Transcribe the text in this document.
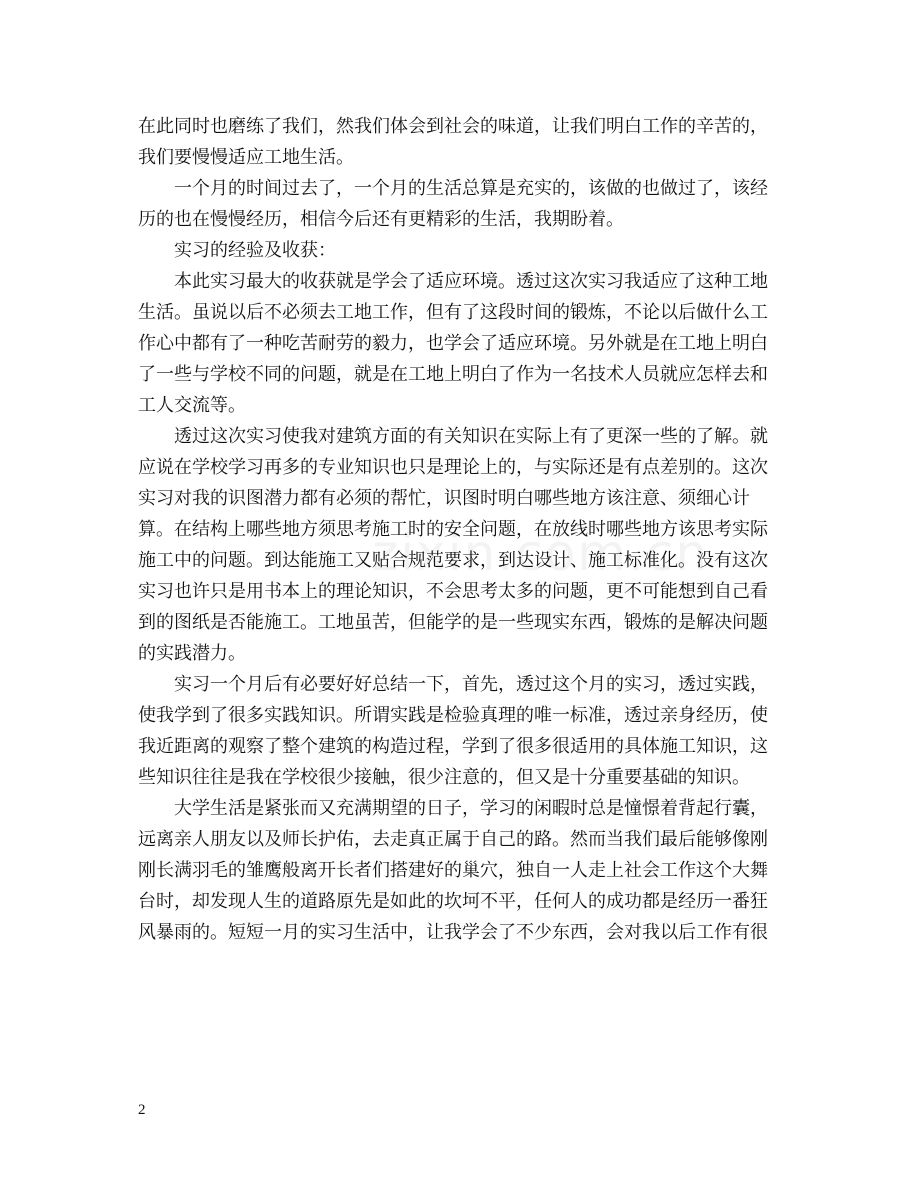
在此同时也磨练了我们，然我们体会到社会的味道，让我们明白工作的辛苦的，
我们要慢慢适应工地生活。
一个月的时间过去了，一个月的生活总算是充实的，该做的也做过了，该经
历的也在慢慢经历，相信今后还有更精彩的生活，我期盼着。
实习的经验及收获：
本此实习最大的收获就是学会了适应环境。透过这次实习我适应了这种工地
生活。虽说以后不必须去工地工作，但有了这段时间的锻炼，不论以后做什么工
作心中都有了一种吃苦耐劳的毅力，也学会了适应环境。另外就是在工地上明白
了一些与学校不同的问题，就是在工地上明白了作为一名技术人员就应怎样去和
工人交流等。
透过这次实习使我对建筑方面的有关知识在实际上有了更深一些的了解。就
应说在学校学习再多的专业知识也只是理论上的，与实际还是有点差别的。这次
实习对我的识图潜力都有必须的帮忙，识图时明白哪些地方该注意、须细心计
算。在结构上哪些地方须思考施工时的安全问题，在放线时哪些地方该思考实际
施工中的问题。到达能施工又贴合规范要求，到达设计、施工标准化。没有这次
实习也许只是用书本上的理论知识，不会思考太多的问题，更不可能想到自己看
到的图纸是否能施工。工地虽苦，但能学的是一些现实东西，锻炼的是解决问题
的实践潜力。
实习一个月后有必要好好总结一下，首先，透过这个月的实习，透过实践，
使我学到了很多实践知识。所谓实践是检验真理的唯一标准，透过亲身经历，使
我近距离的观察了整个建筑的构造过程，学到了很多很适用的具体施工知识，这
些知识往往是我在学校很少接触，很少注意的，但又是十分重要基础的知识。
大学生活是紧张而又充满期望的日子，学习的闲暇时总是憧憬着背起行囊，
远离亲人朋友以及师长护佑，去走真正属于自己的路。然而当我们最后能够像刚
刚长满羽毛的雏鹰般离开长者们搭建好的巢穴，独自一人走上社会工作这个大舞
台时，却发现人生的道路原先是如此的坎坷不平，任何人的成功都是经历一番狂
风暴雨的。短短一月的实习生活中，让我学会了不少东西，会对我以后工作有很
2
